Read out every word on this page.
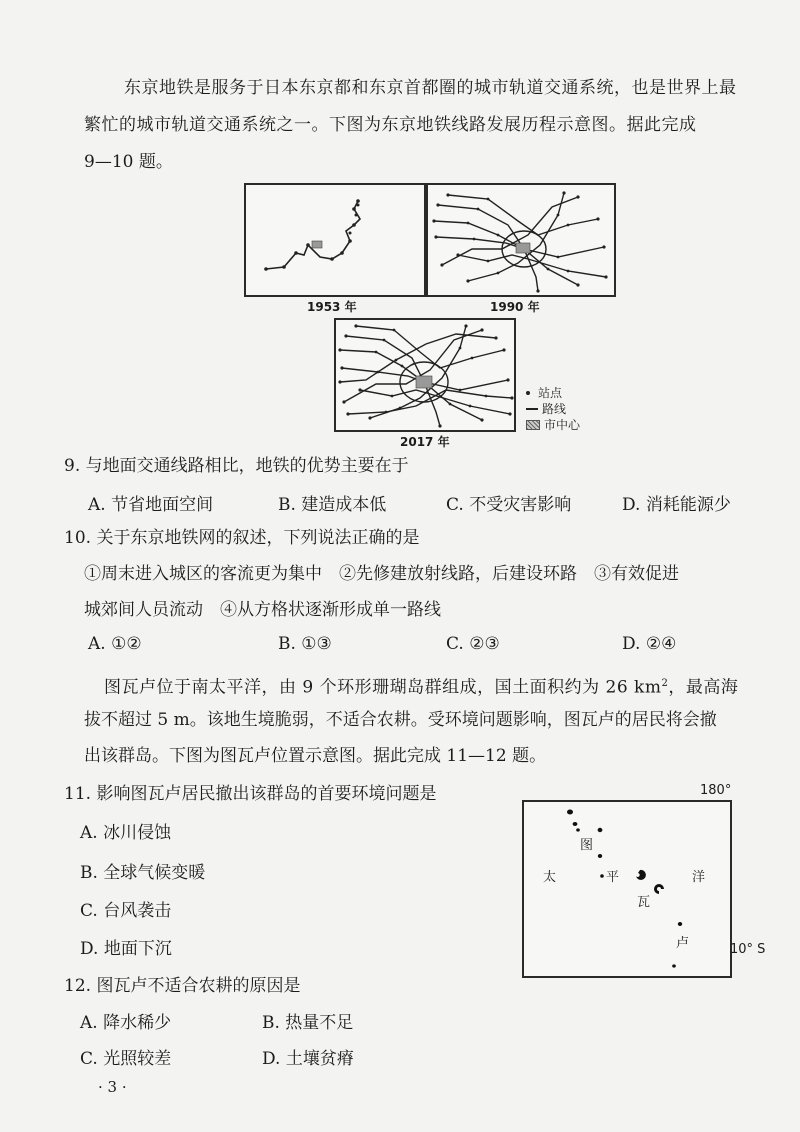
东京地铁是服务于日本东京都和东京首都圈的城市轨道交通系统，也是世界上最
繁忙的城市轨道交通系统之一。下图为东京地铁线路发展历程示意图。据此完成
9—10 题。
1953 年	1990 年
2017 年
站点
路线
市中心
9. 与地面交通线路相比，地铁的优势主要在于
A. 节省地面空间	B. 建造成本低	C. 不受灾害影响	D. 消耗能源少
10. 关于东京地铁网的叙述，下列说法正确的是
①周末进入城区的客流更为集中　②先修建放射线路，后建设环路　③有效促进
城郊间人员流动　④从方格状逐渐形成单一路线
A. ①②	B. ①③	C. ②③	D. ②④
图瓦卢位于南太平洋，由 9 个环形珊瑚岛群组成，国土面积约为 26 $km^2$，最高海
拔不超过 5 m。该地生境脆弱，不适合农耕。受环境问题影响，图瓦卢的居民将会撤
出该群岛。下图为图瓦卢位置示意图。据此完成 11—12 题。
11. 影响图瓦卢居民撤出该群岛的首要环境问题是
A. 冰川侵蚀
B. 全球气候变暖
C. 台风袭击
D. 地面下沉
12. 图瓦卢不适合农耕的原因是
A. 降水稀少	B. 热量不足
C. 光照较差	D. 土壤贫瘠
图
太	平	洋
瓦
卢
180°
10° S
· 3 ·
